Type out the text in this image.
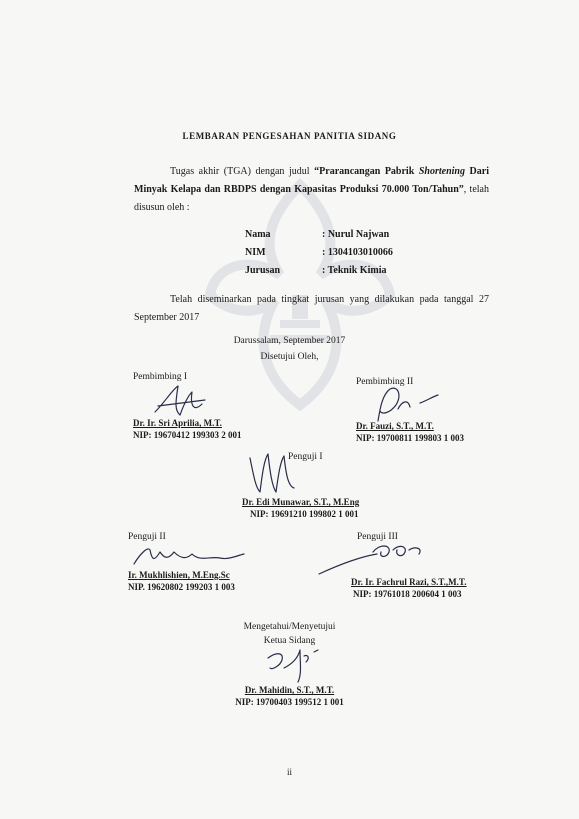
LEMBARAN PENGESAHAN PANITIA SIDANG
Tugas akhir (TGA) dengan judul “Prarancangan Pabrik Shortening Dari Minyak Kelapa dan RBDPS dengan Kapasitas Produksi 70.000 Ton/Tahun”, telah disusun oleh :
Nama	: Nurul Najwan
NIM	: 1304103010066
Jurusan	: Teknik Kimia
Telah diseminarkan pada tingkat jurusan yang dilakukan pada tanggal 27 September 2017
Darussalam, September 2017
Disetujui Oleh,
Pembimbing I
Dr. Ir. Sri Aprilia, M.T.
NIP: 19670412 199303 2 001
Pembimbing II
Dr. Fauzi, S.T., M.T.
NIP: 19700811 199803 1 003
Penguji I
Dr. Edi Munawar, S.T., M.Eng
NIP: 19691210 199802 1 001
Penguji II
Ir. Mukhlishien, M.Eng.Sc
NIP. 19620802 199203 1 003
Penguji III
Dr. Ir. Fachrul Razi, S.T.,M.T.
NIP: 19761018 200604 1 003
Mengetahui/Menyetujui
Ketua Sidang
Dr. Mahidin, S.T., M.T.
NIP: 19700403 199512 1 001
ii
